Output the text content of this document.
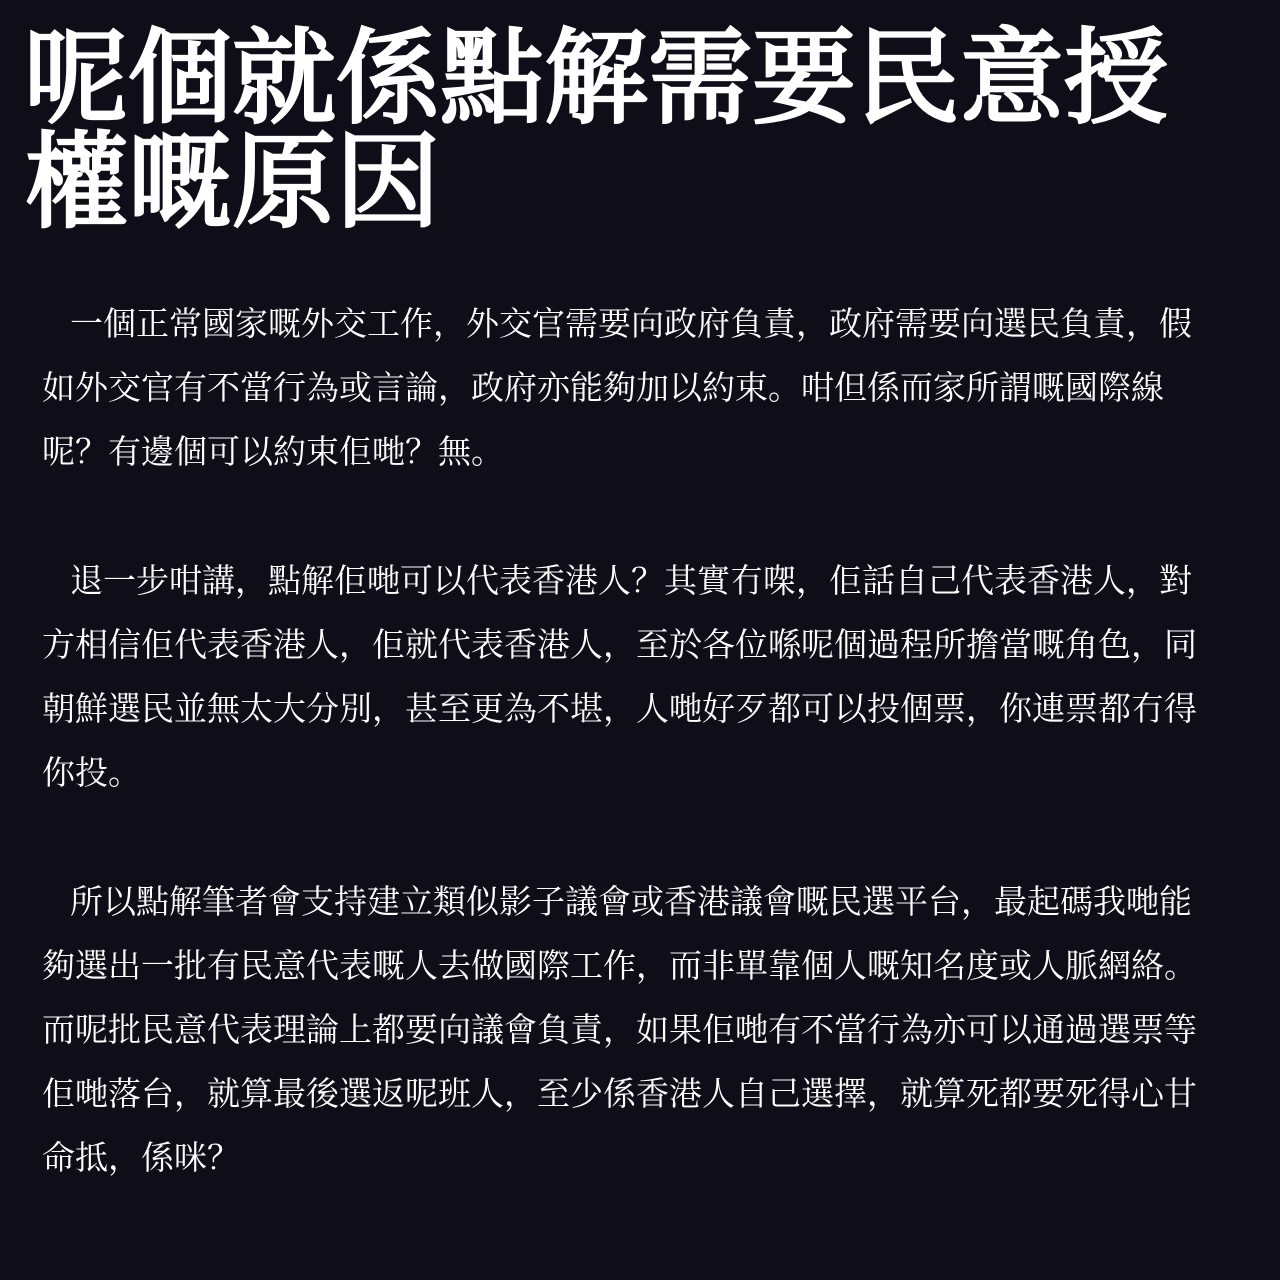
呢個就係點解需要民意授權嘅原因

一個正常國家嘅外交工作，外交官需要向政府負責，政府需要向選民負責，假如外交官有不當行為或言論，政府亦能夠加以約束。咁但係而家所謂嘅國際線呢？有邊個可以約束佢哋？無。

退一步咁講，點解佢哋可以代表香港人？其實冇㗎，佢話自己代表香港人，對方相信佢代表香港人，佢就代表香港人，至於各位喺呢個過程所擔當嘅角色，同朝鮮選民並無太大分別，甚至更為不堪，人哋好歹都可以投個票，你連票都冇得你投。

所以點解筆者會支持建立類似影子議會或香港議會嘅民選平台，最起碼我哋能夠選出一批有民意代表嘅人去做國際工作，而非單靠個人嘅知名度或人脈網絡。而呢批民意代表理論上都要向議會負責，如果佢哋有不當行為亦可以通過選票等佢哋落台，就算最後選返呢班人，至少係香港人自己選擇，就算死都要死得心甘命抵，係咪？
